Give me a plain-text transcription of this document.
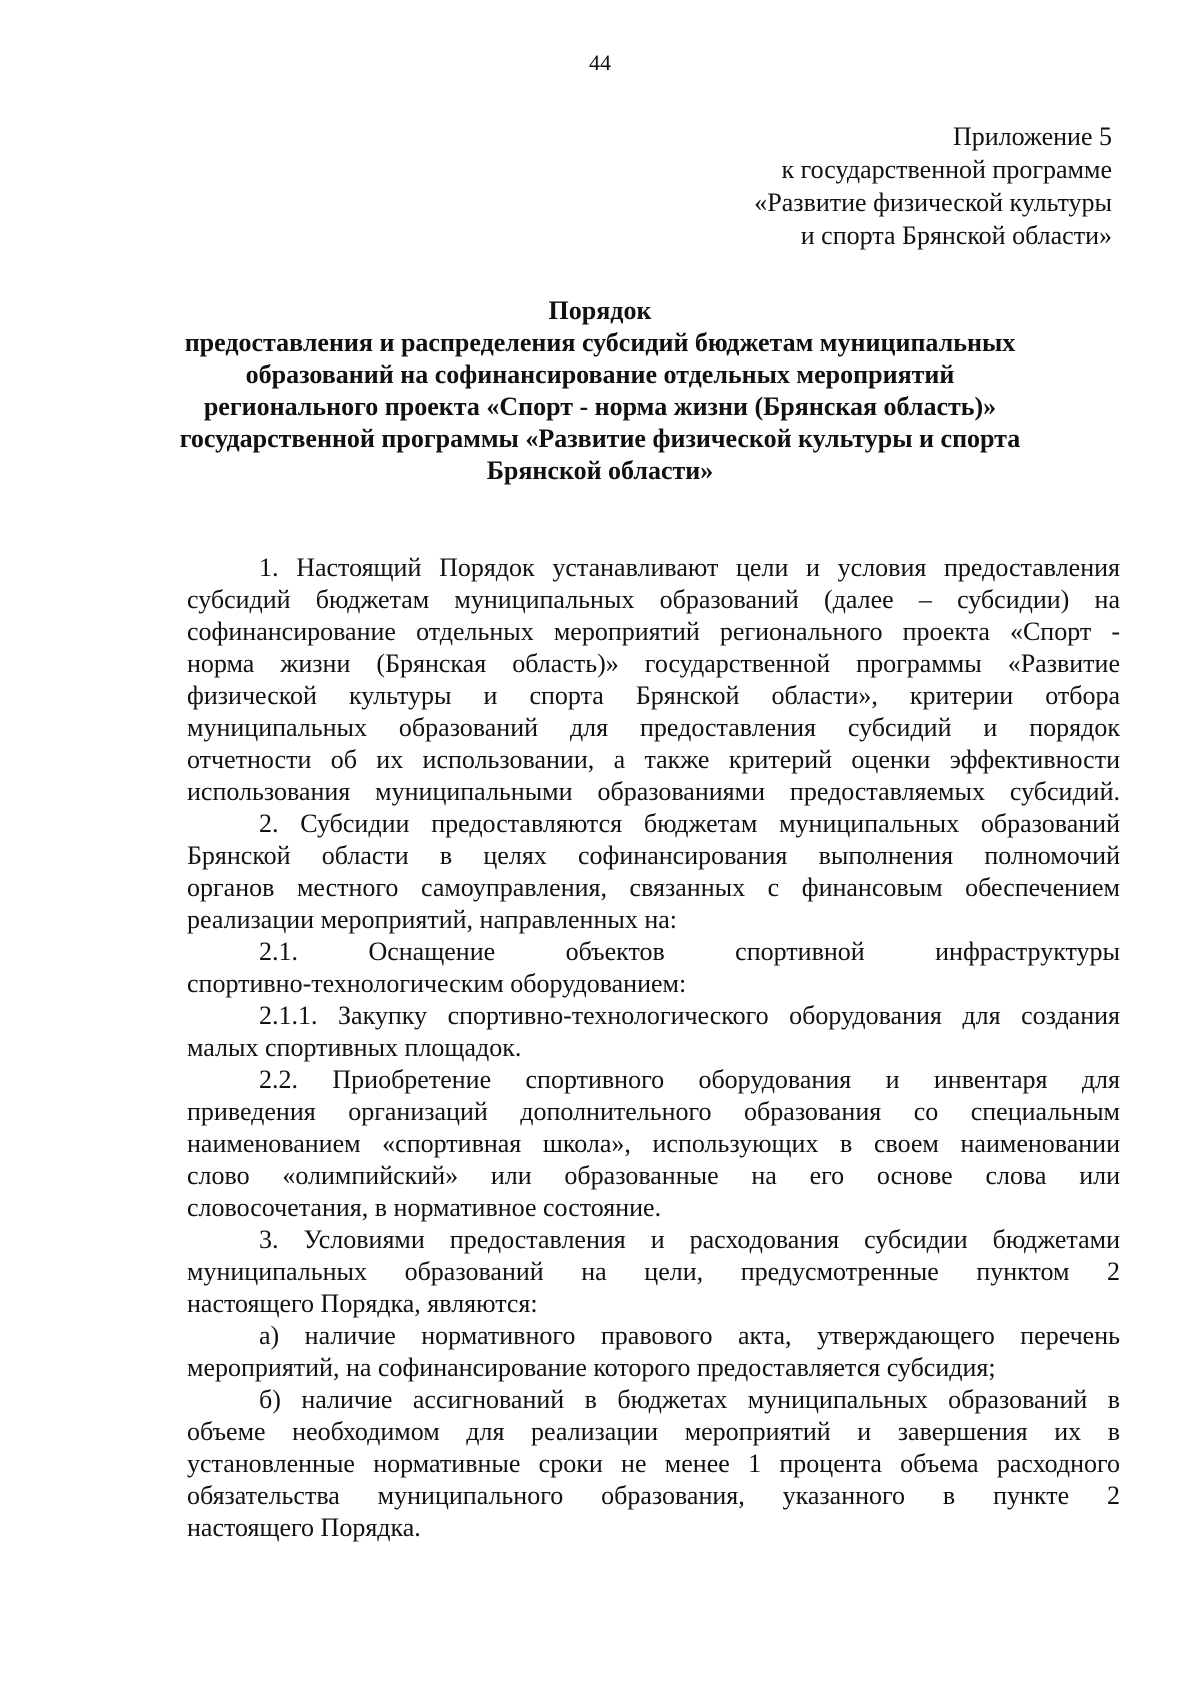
44
Приложение 5
к государственной программе
«Развитие физической культуры
и спорта Брянской области»
Порядок
предоставления и распределения субсидий бюджетам муниципальных
образований на софинансирование отдельных мероприятий
регионального проекта «Спорт - норма жизни (Брянская область)»
государственной программы «Развитие физической культуры и спорта
Брянской области»
1. Настоящий Порядок устанавливают цели и условия предоставления
субсидий бюджетам муниципальных образований (далее – субсидии) на
софинансирование отдельных мероприятий регионального проекта «Спорт -
норма жизни (Брянская область)» государственной программы «Развитие
физической культуры и спорта Брянской области», критерии отбора
муниципальных образований для предоставления субсидий и порядок
отчетности об их использовании, а также критерий оценки эффективности
использования муниципальными образованиями предоставляемых субсидий.
2. Субсидии предоставляются бюджетам муниципальных образований
Брянской области в целях софинансирования выполнения полномочий
органов местного самоуправления, связанных с финансовым обеспечением
реализации мероприятий, направленных на:
2.1. Оснащение объектов спортивной инфраструктуры
спортивно-технологическим оборудованием:
2.1.1. Закупку спортивно-технологического оборудования для создания
малых спортивных площадок.
2.2. Приобретение спортивного оборудования и инвентаря для
приведения организаций дополнительного образования со специальным
наименованием «спортивная школа», использующих в своем наименовании
слово «олимпийский» или образованные на его основе слова или
словосочетания, в нормативное состояние.
3. Условиями предоставления и расходования субсидии бюджетами
муниципальных образований на цели, предусмотренные пунктом 2
настоящего Порядка, являются:
а) наличие нормативного правового акта, утверждающего перечень
мероприятий, на софинансирование которого предоставляется субсидия;
б) наличие ассигнований в бюджетах муниципальных образований в
объеме необходимом для реализации мероприятий и завершения их в
установленные нормативные сроки не менее 1 процента объема расходного
обязательства муниципального образования, указанного в пункте 2
настоящего Порядка.
